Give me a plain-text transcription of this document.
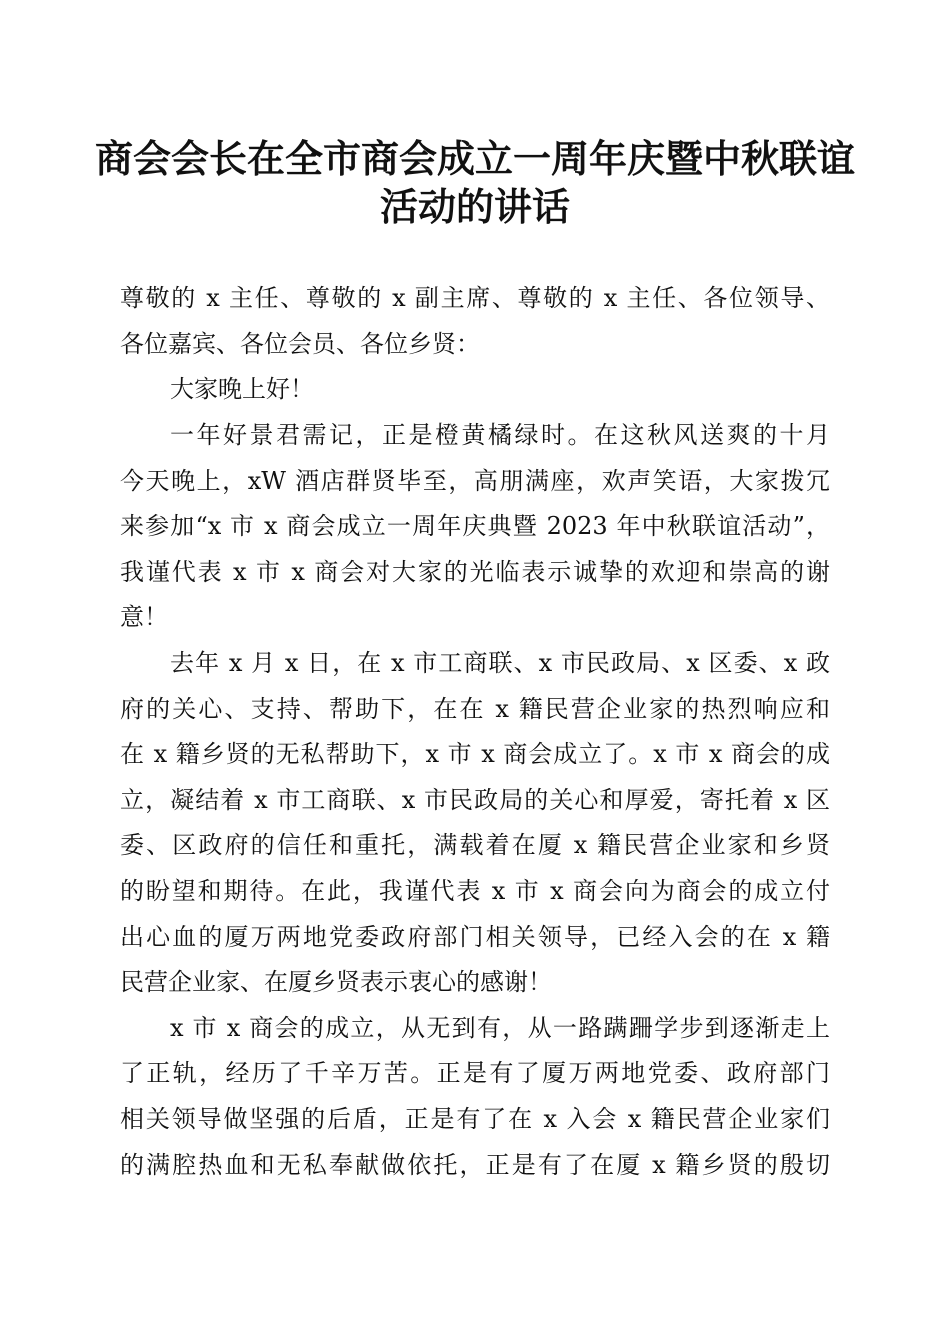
商会会长在全市商会成立一周年庆暨中秋联谊
活动的讲话
尊敬的 x 主任、尊敬的 x 副主席、尊敬的 x 主任、各位领导、
各位嘉宾、各位会员、各位乡贤：
大家晚上好！
一年好景君需记，正是橙黄橘绿时。在这秋风送爽的十月
今天晚上，xW 酒店群贤毕至，高朋满座，欢声笑语，大家拨冗
来参加“x 市 x 商会成立一周年庆典暨 2023 年中秋联谊活动”，
我谨代表 x 市 x 商会对大家的光临表示诚挚的欢迎和崇高的谢
意！
去年 x 月 x 日，在 x 市工商联、x 市民政局、x 区委、x 政
府的关心、支持、帮助下，在在 x 籍民营企业家的热烈响应和
在 x 籍乡贤的无私帮助下，x 市 x 商会成立了。x 市 x 商会的成
立，凝结着 x 市工商联、x 市民政局的关心和厚爱，寄托着 x 区
委、区政府的信任和重托，满载着在厦 x 籍民营企业家和乡贤
的盼望和期待。在此，我谨代表 x 市 x 商会向为商会的成立付
出心血的厦万两地党委政府部门相关领导，已经入会的在 x 籍
民营企业家、在厦乡贤表示衷心的感谢！
x 市 x 商会的成立，从无到有，从一路蹒跚学步到逐渐走上
了正轨，经历了千辛万苦。正是有了厦万两地党委、政府部门
相关领导做坚强的后盾，正是有了在 x 入会 x 籍民营企业家们
的满腔热血和无私奉献做依托，正是有了在厦 x 籍乡贤的殷切
